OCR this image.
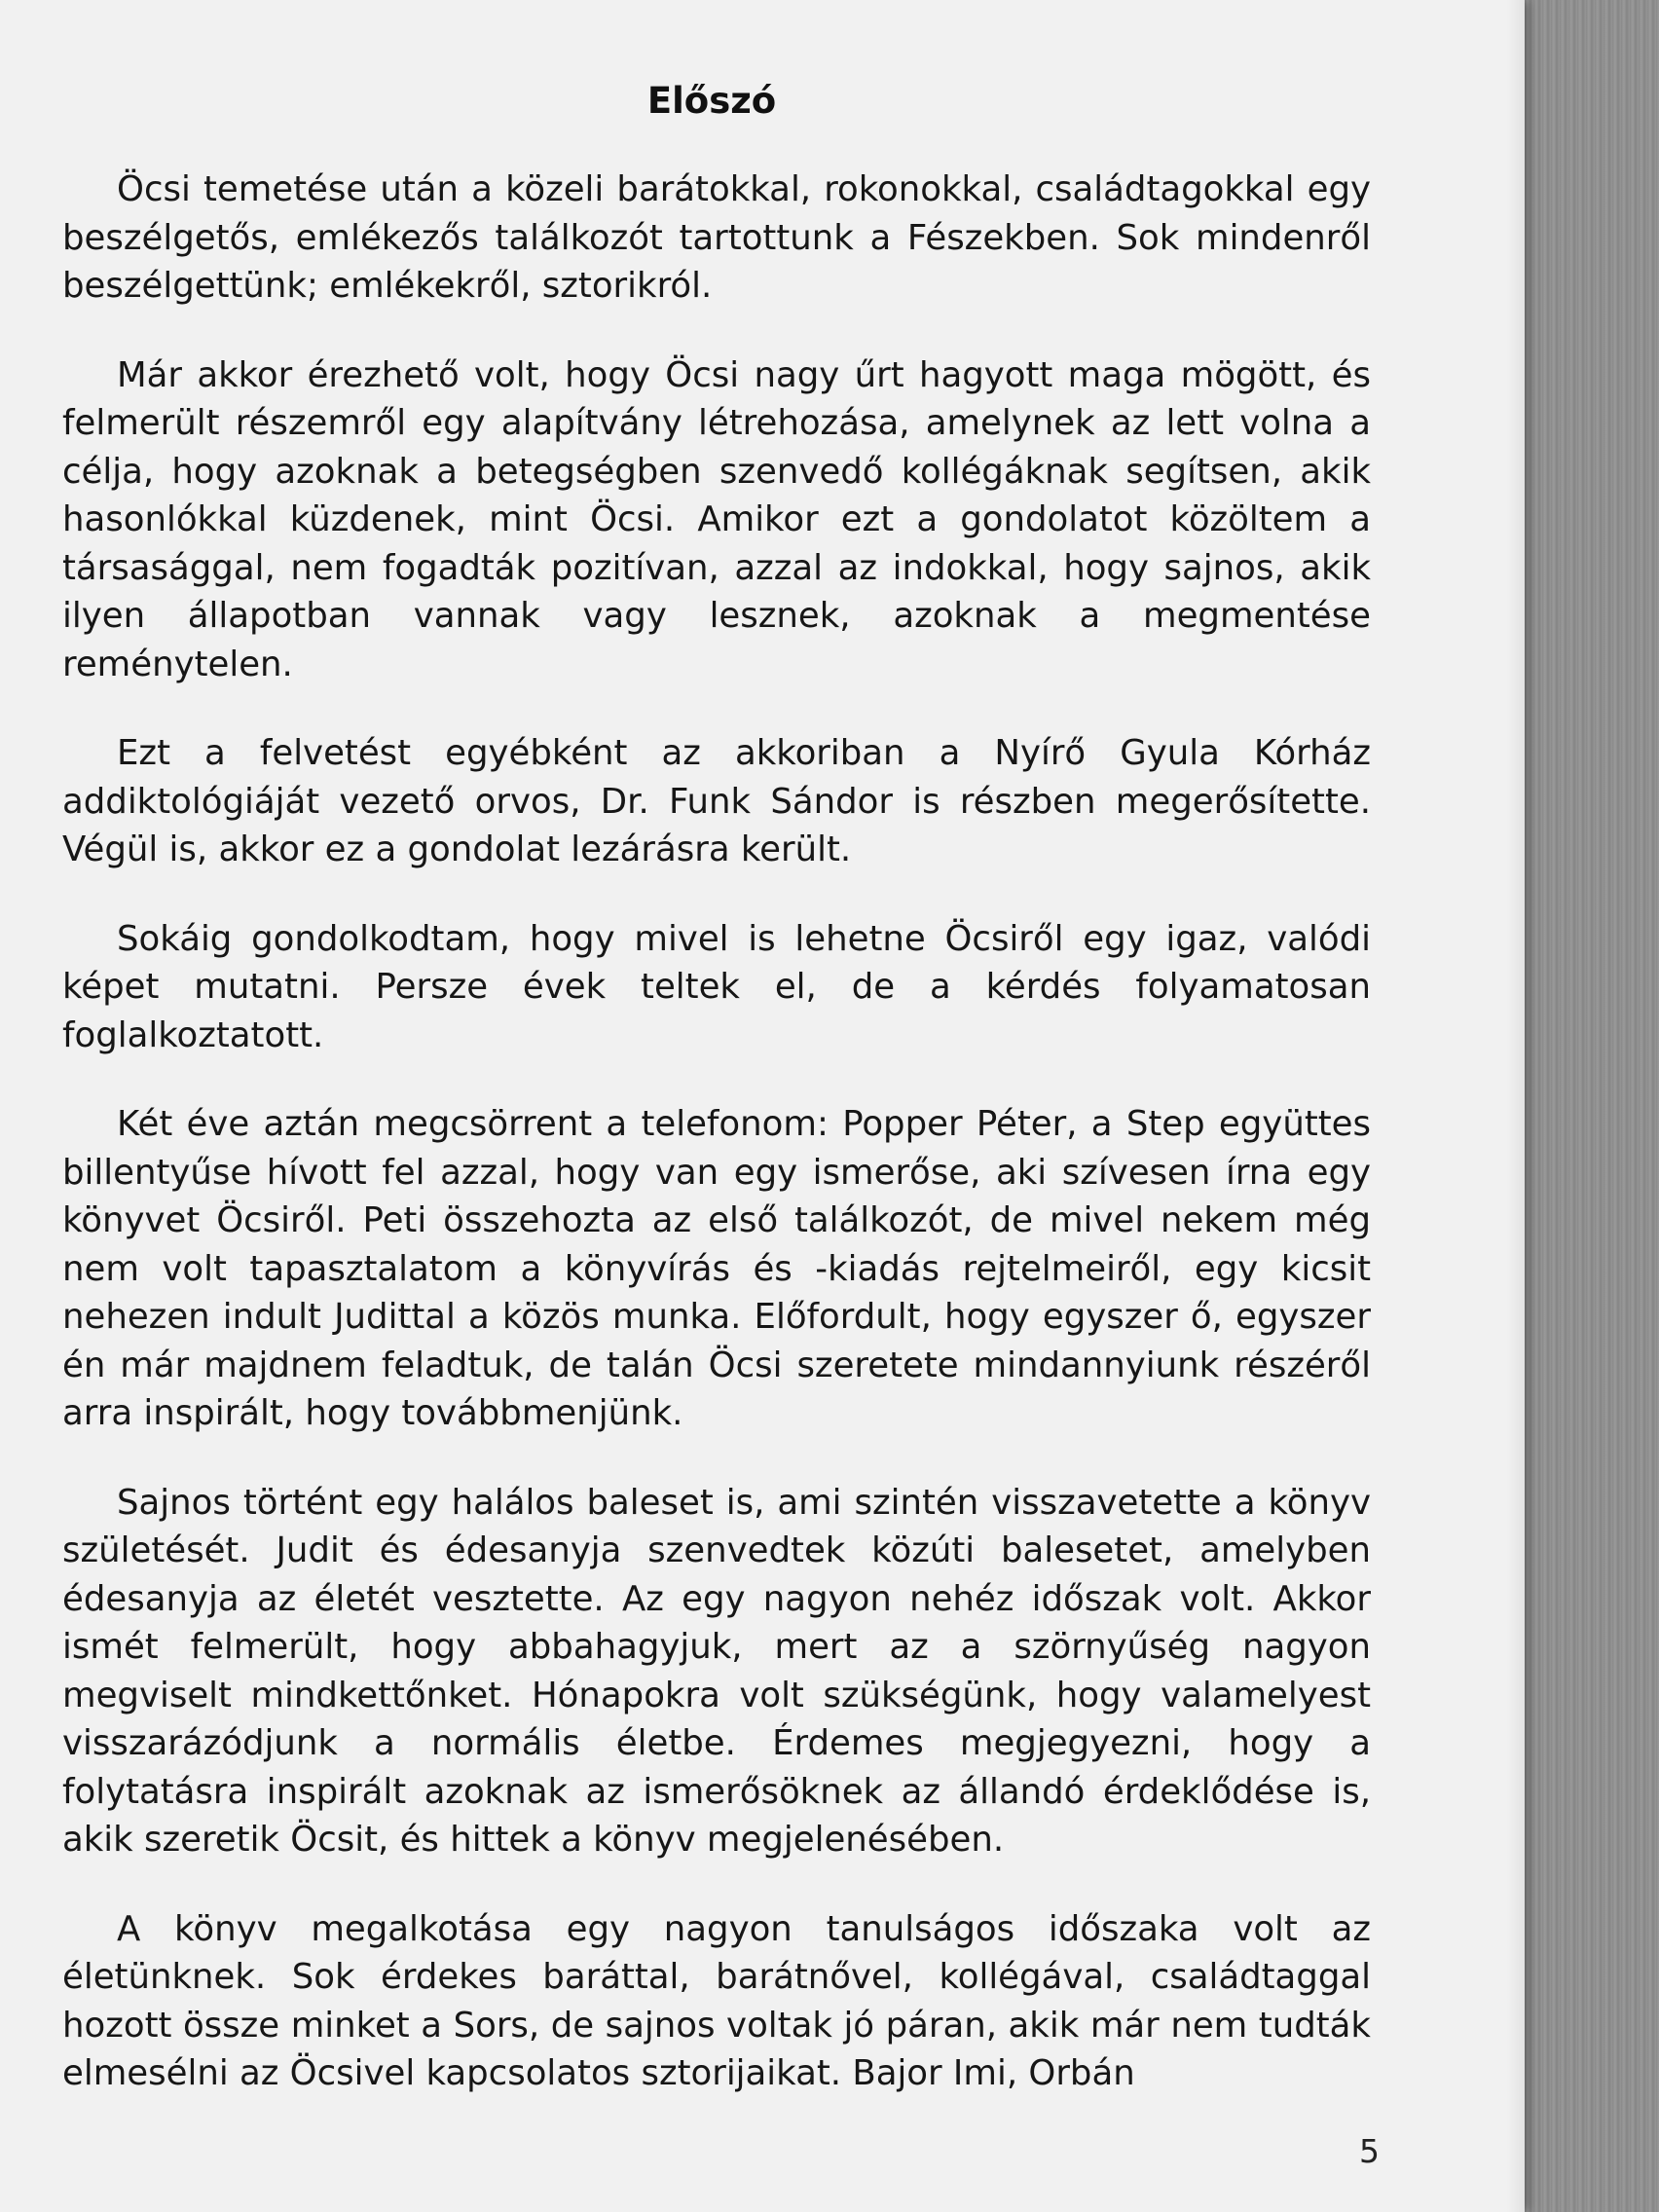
Előszó

Öcsi temetése után a közeli barátokkal, rokonokkal, családtagokkal egy beszélgetős, emlékezős találkozót tartottunk a Fészekben. Sok mindenről beszélgettünk; emlékekről, sztorikról.

Már akkor érezhető volt, hogy Öcsi nagy űrt hagyott maga mögött, és felmerült részemről egy alapítvány létrehozása, amelynek az lett volna a célja, hogy azoknak a betegségben szenvedő kollégáknak segítsen, akik hasonlókkal küzdenek, mint Öcsi. Amikor ezt a gondolatot közöltem a társasággal, nem fogadták pozitívan, azzal az indokkal, hogy sajnos, akik ilyen állapotban vannak vagy lesznek, azoknak a megmentése reménytelen.

Ezt a felvetést egyébként az akkoriban a Nyírő Gyula Kórház addiktológiáját vezető orvos, Dr. Funk Sándor is részben megerősítette. Végül is, akkor ez a gondolat lezárásra került.

Sokáig gondolkodtam, hogy mivel is lehetne Öcsiről egy igaz, valódi képet mutatni. Persze évek teltek el, de a kérdés folyamatosan foglalkoztatott.

Két éve aztán megcsörrent a telefonom: Popper Péter, a Step együttes billentyűse hívott fel azzal, hogy van egy ismerőse, aki szívesen írna egy könyvet Öcsiről. Peti összehozta az első találkozót, de mivel nekem még nem volt tapasztalatom a könyvírás és -kiadás rejtelmeiről, egy kicsit nehezen indult Judittal a közös munka. Előfordult, hogy egyszer ő, egyszer én már majdnem feladtuk, de talán Öcsi szeretete mindannyiunk részéről arra inspirált, hogy továbbmenjünk.

Sajnos történt egy halálos baleset is, ami szintén visszavetette a könyv születését. Judit és édesanyja szenvedtek közúti balesetet, amelyben édesanyja az életét vesztette. Az egy nagyon nehéz időszak volt. Akkor ismét felmerült, hogy abbahagyjuk, mert az a szörnyűség nagyon megviselt mindkettőnket. Hónapokra volt szükségünk, hogy valamelyest visszarázódjunk a normális életbe. Érdemes megjegyezni, hogy a folytatásra inspirált azoknak az ismerősöknek az állandó érdeklődése is, akik szeretik Öcsit, és hittek a könyv megjelenésében.

A könyv megalkotása egy nagyon tanulságos időszaka volt az életünknek. Sok érdekes baráttal, barátnővel, kollégával, családtaggal hozott össze minket a Sors, de sajnos voltak jó páran, akik már nem tudták elmesélni az Öcsivel kapcsolatos sztorijaikat. Bajor Imi, Orbán

5
